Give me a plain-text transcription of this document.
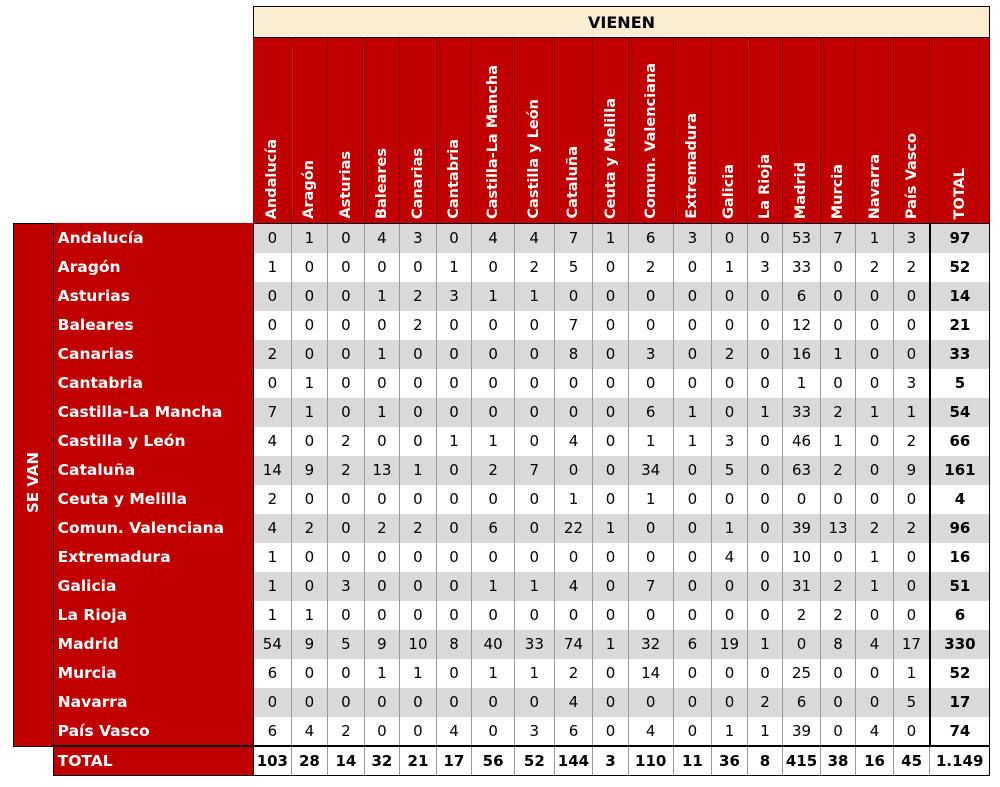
		VIENEN																		
		Andalucía	Aragón	Asturias	Baleares	Canarias	Cantabria	Castilla-La Mancha	Castilla y León	Cataluña	Ceuta y Melilla	Comun. Valenciana	Extremadura	Galicia	La Rioja	Madrid	Murcia	Navarra	País Vasco	TOTAL
SE VAN	Andalucía	0	1	0	4	3	0	4	4	7	1	6	3	0	0	53	7	1	3	97
	Aragón	1	0	0	0	0	1	0	2	5	0	2	0	1	3	33	0	2	2	52
	Asturias	0	0	0	1	2	3	1	1	0	0	0	0	0	0	6	0	0	0	14
	Baleares	0	0	0	0	2	0	0	0	7	0	0	0	0	0	12	0	0	0	21
	Canarias	2	0	0	1	0	0	0	0	8	0	3	0	2	0	16	1	0	0	33
	Cantabria	0	1	0	0	0	0	0	0	0	0	0	0	0	0	1	0	0	3	5
	Castilla-La Mancha	7	1	0	1	0	0	0	0	0	0	6	1	0	1	33	2	1	1	54
	Castilla y León	4	0	2	0	0	1	1	0	4	0	1	1	3	0	46	1	0	2	66
	Cataluña	14	9	2	13	1	0	2	7	0	0	34	0	5	0	63	2	0	9	161
	Ceuta y Melilla	2	0	0	0	0	0	0	0	1	0	1	0	0	0	0	0	0	0	4
	Comun. Valenciana	4	2	0	2	2	0	6	0	22	1	0	0	1	0	39	13	2	2	96
	Extremadura	1	0	0	0	0	0	0	0	0	0	0	0	4	0	10	0	1	0	16
	Galicia	1	0	3	0	0	0	1	1	4	0	7	0	0	0	31	2	1	0	51
	La Rioja	1	1	0	0	0	0	0	0	0	0	0	0	0	0	2	2	0	0	6
	Madrid	54	9	5	9	10	8	40	33	74	1	32	6	19	1	0	8	4	17	330
	Murcia	6	0	0	1	1	0	1	1	2	0	14	0	0	0	25	0	0	1	52
	Navarra	0	0	0	0	0	0	0	0	4	0	0	0	0	2	6	0	0	5	17
	País Vasco	6	4	2	0	0	4	0	3	6	0	4	0	1	1	39	0	4	0	74
	TOTAL	103	28	14	32	21	17	56	52	144	3	110	11	36	8	415	38	16	45	1.149
